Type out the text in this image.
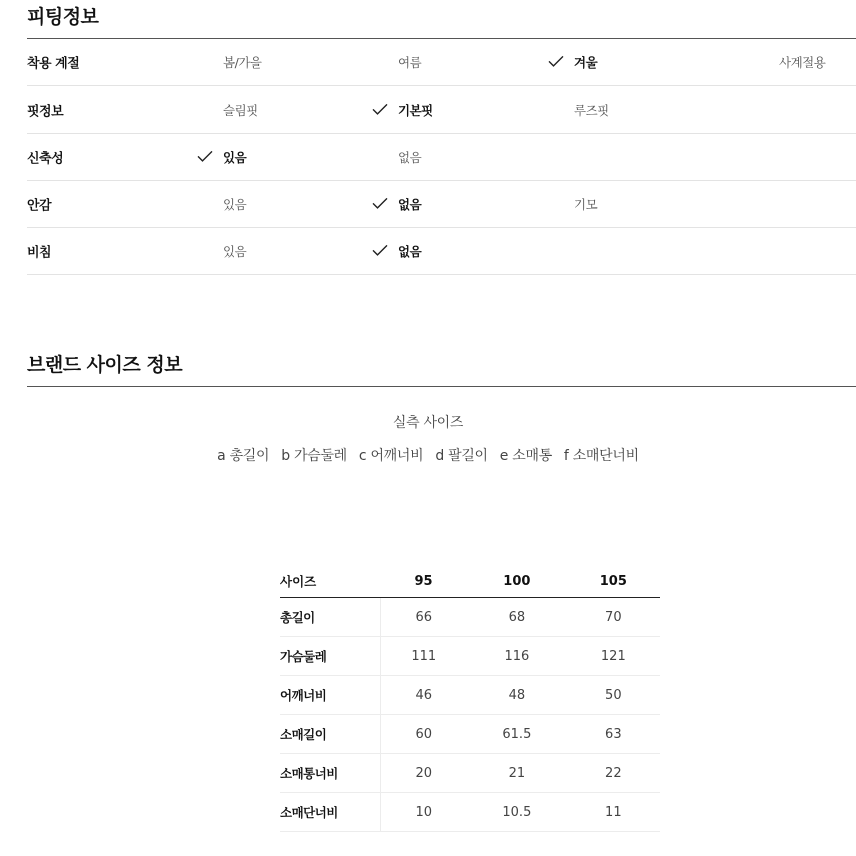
피팅정보
착용 계절	봄/가을	여름	겨울	사계절용
핏정보	슬림핏	기본핏	루즈핏
신축성	있음	없음
안감	있음	없음	기모
비침	있음	없음
브랜드 사이즈 정보

실측 사이즈

a 총길이 b 가슴둘레 c 어깨너비 d 팔길이 e 소매통 f 소매단너비

사이즈	95	100	105
총길이	66	68	70
가슴둘레	111	116	121
어깨너비	46	48	50
소매길이	60	61.5	63
소매통너비	20	21	22
소매단너비	10	10.5	11
